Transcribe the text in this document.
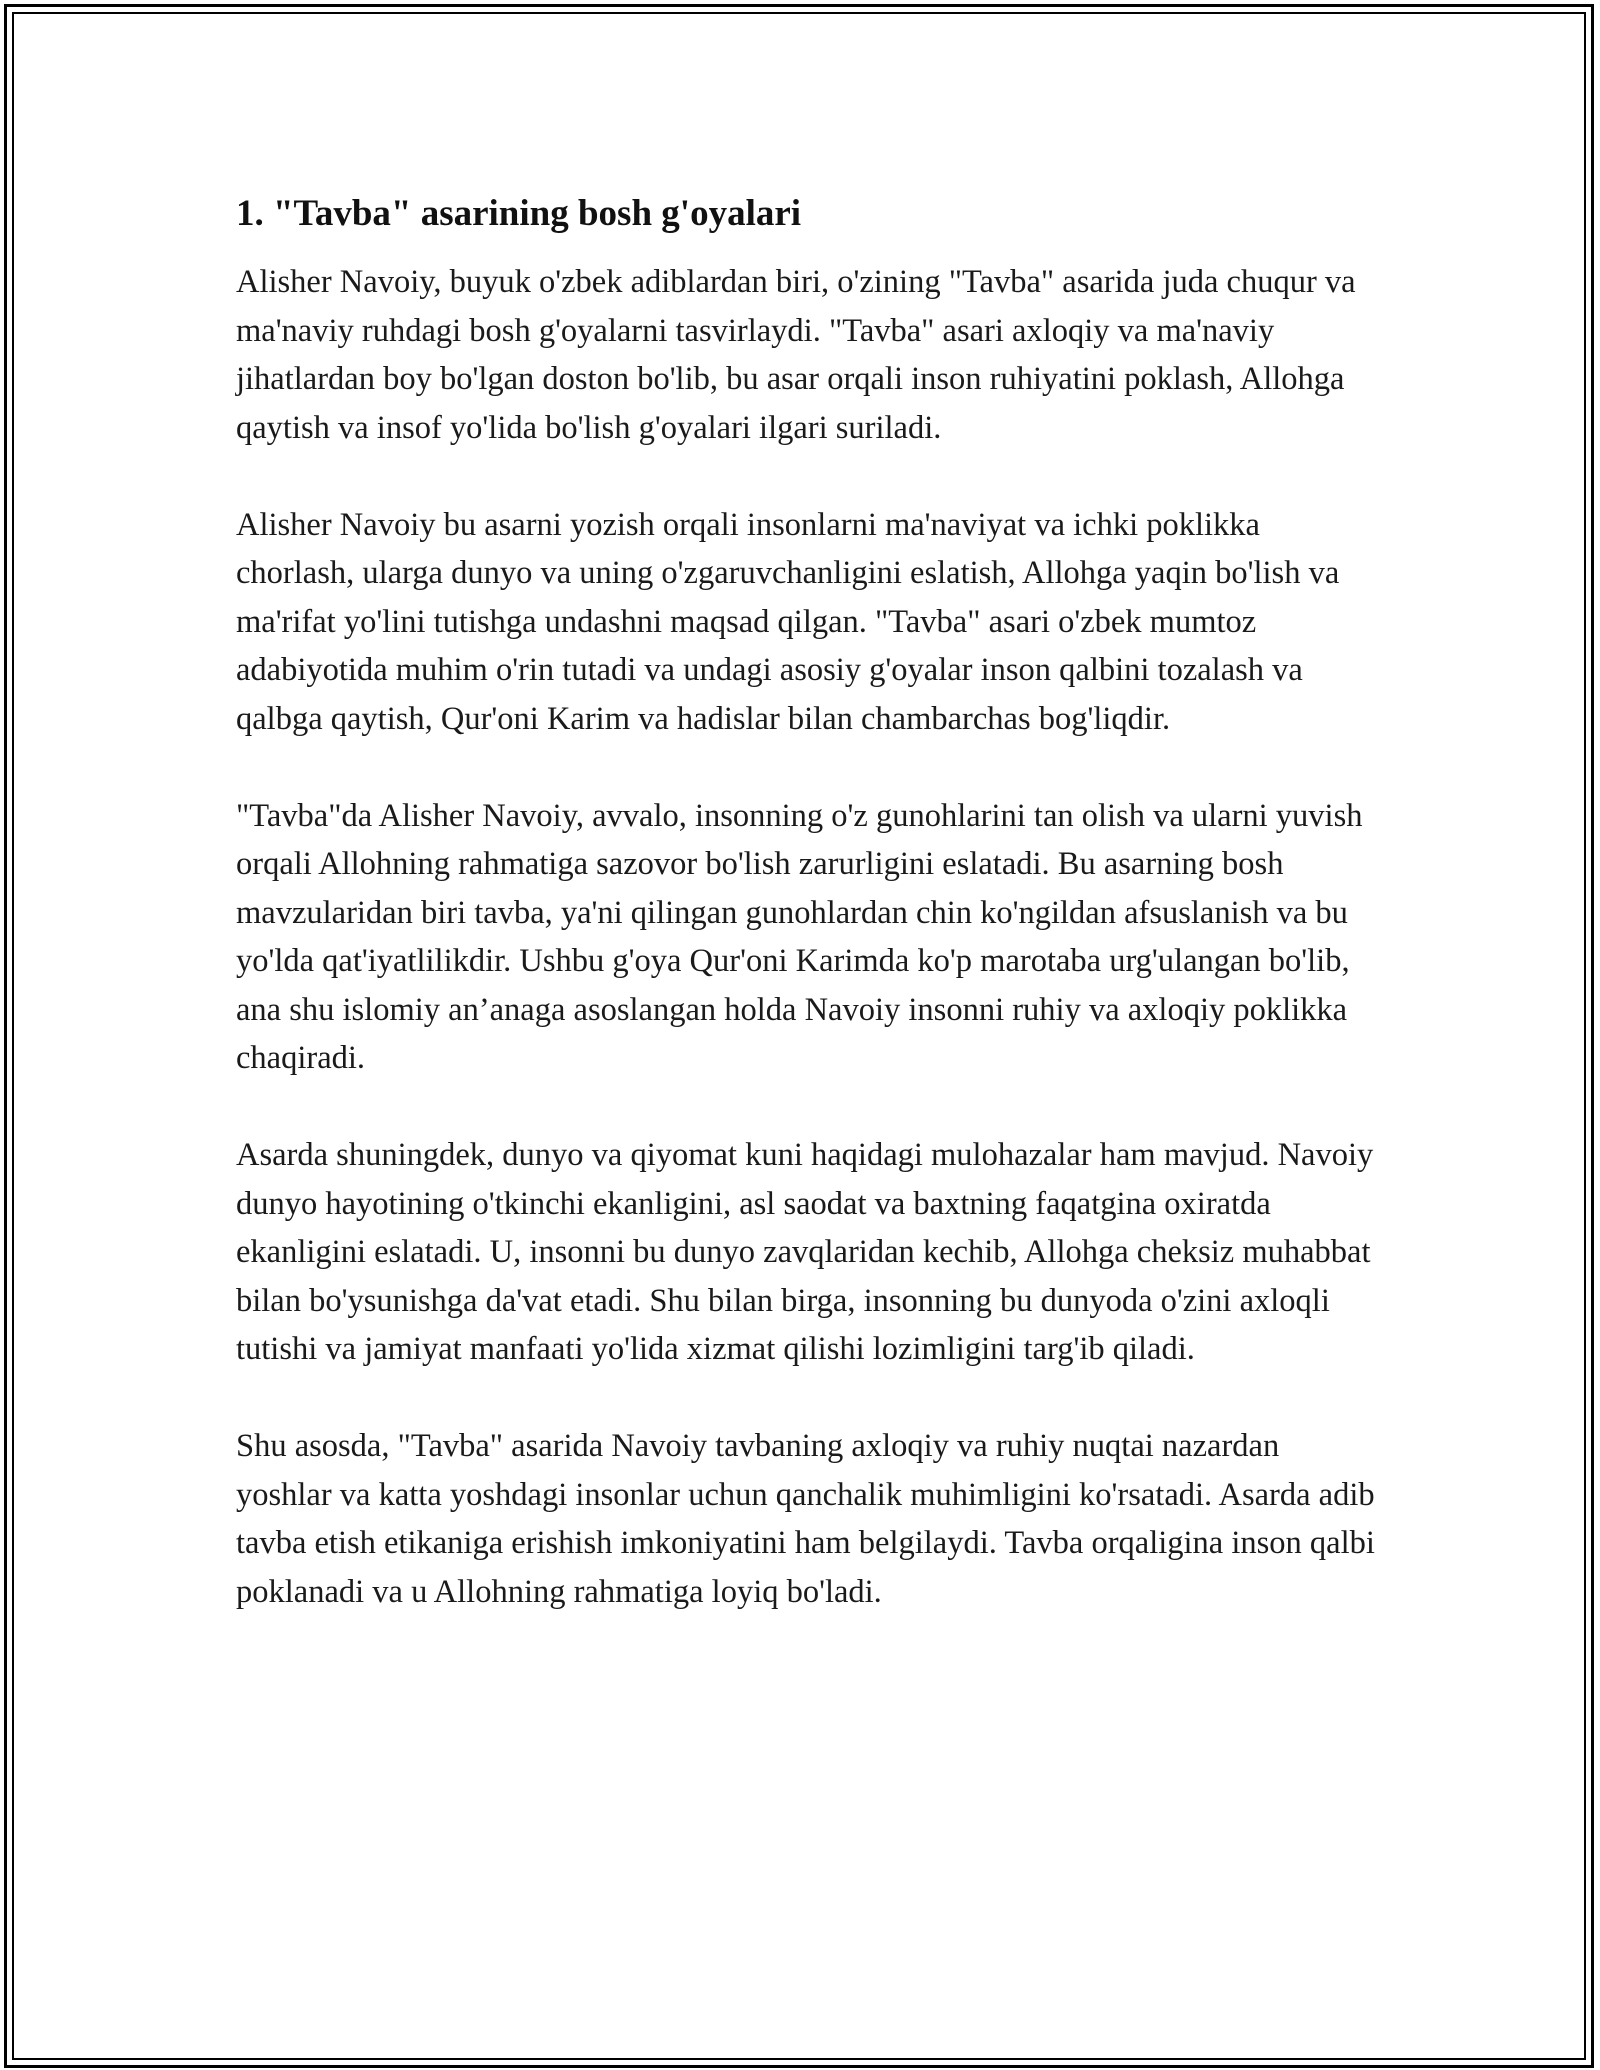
1. "Tavba" asarining bosh g'oyalari

Alisher Navoiy, buyuk o'zbek adiblardan biri, o'zining "Tavba" asarida juda chuqur va ma'naviy ruhdagi bosh g'oyalarni tasvirlaydi. "Tavba" asari axloqiy va ma'naviy jihatlardan boy bo'lgan doston bo'lib, bu asar orqali inson ruhiyatini poklash, Allohga qaytish va insof yo'lida bo'lish g'oyalari ilgari suriladi.

Alisher Navoiy bu asarni yozish orqali insonlarni ma'naviyat va ichki poklikka chorlash, ularga dunyo va uning o'zgaruvchanligini eslatish, Allohga yaqin bo'lish va ma'rifat yo'lini tutishga undashni maqsad qilgan. "Tavba" asari o'zbek mumtoz adabiyotida muhim o'rin tutadi va undagi asosiy g'oyalar inson qalbini tozalash va qalbga qaytish, Qur'oni Karim va hadislar bilan chambarchas bog'liqdir.

"Tavba"da Alisher Navoiy, avvalo, insonning o'z gunohlarini tan olish va ularni yuvish orqali Allohning rahmatiga sazovor bo'lish zarurligini eslatadi. Bu asarning bosh mavzularidan biri tavba, ya'ni qilingan gunohlardan chin ko'ngildan afsuslanish va bu yo'lda qat'iyatlilikdir. Ushbu g'oya Qur'oni Karimda ko'p marotaba urg'ulangan bo'lib, ana shu islomiy an’anaga asoslangan holda Navoiy insonni ruhiy va axloqiy poklikka chaqiradi.

Asarda shuningdek, dunyo va qiyomat kuni haqidagi mulohazalar ham mavjud. Navoiy dunyo hayotining o'tkinchi ekanligini, asl saodat va baxtning faqatgina oxiratda ekanligini eslatadi. U, insonni bu dunyo zavqlaridan kechib, Allohga cheksiz muhabbat bilan bo'ysunishga da'vat etadi. Shu bilan birga, insonning bu dunyoda o'zini axloqli tutishi va jamiyat manfaati yo'lida xizmat qilishi lozimligini targ'ib qiladi.

Shu asosda, "Tavba" asarida Navoiy tavbaning axloqiy va ruhiy nuqtai nazardan yoshlar va katta yoshdagi insonlar uchun qanchalik muhimligini ko'rsatadi. Asarda adib tavba etish etikaniga erishish imkoniyatini ham belgilaydi. Tavba orqaligina inson qalbi poklanadi va u Allohning rahmatiga loyiq bo'ladi.
